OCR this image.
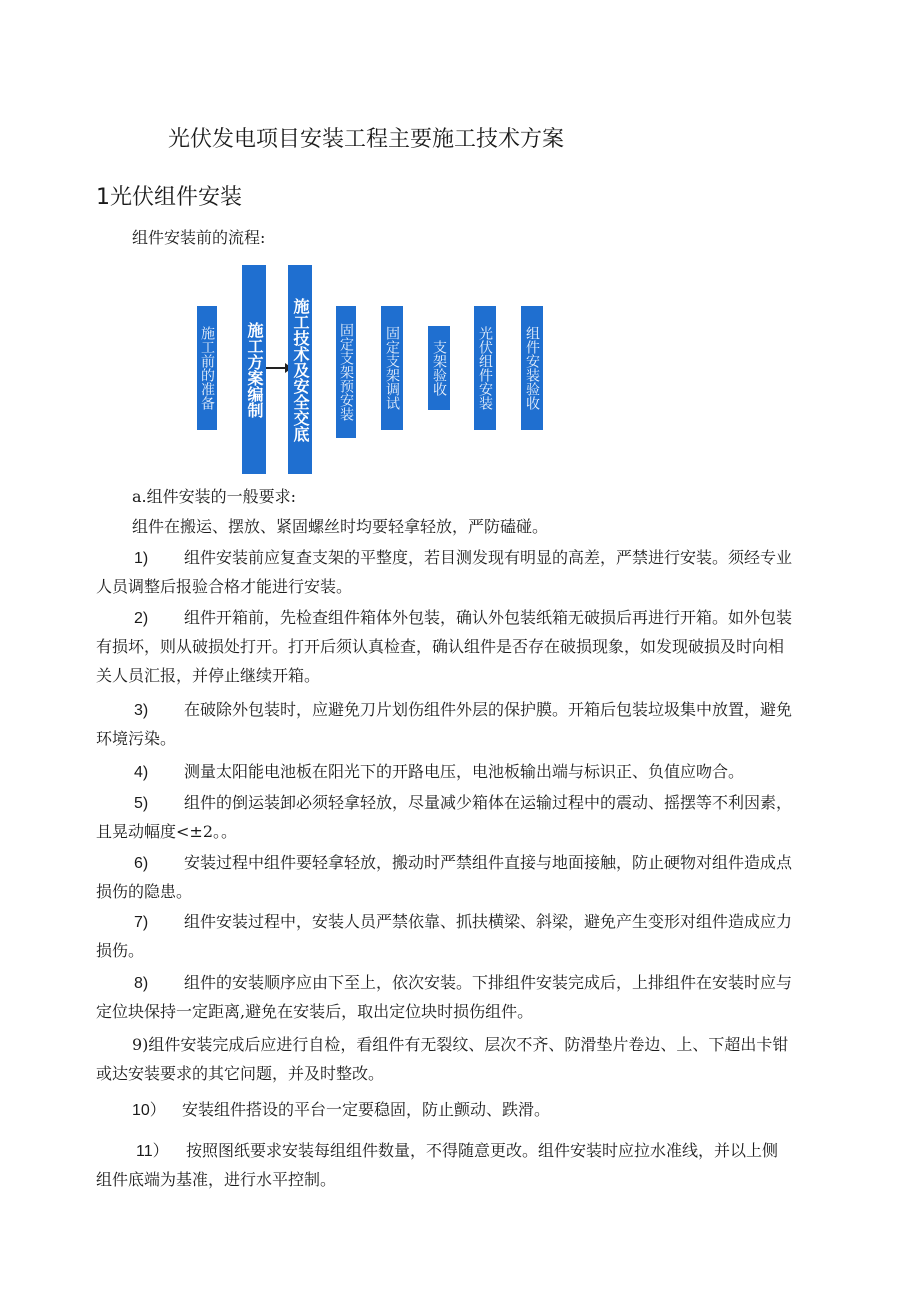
光伏发电项目安装工程主要施工技术方案
1光伏组件安装
组件安装前的流程:
施工前的准备 施工方案编制 施工技术及安全交底 固定支架预安装 固定支架调试 支架验收 光伏组件安装 组件安装验收
a.组件安装的一般要求:
组件在搬运、摆放、紧固螺丝时均要轻拿轻放，严防磕碰。
1) 组件安装前应复查支架的平整度，若目测发现有明显的高差，严禁进行安装。须经专业
人员调整后报验合格才能进行安装。
2) 组件开箱前，先检查组件箱体外包装，确认外包装纸箱无破损后再进行开箱。如外包装
有损坏，则从破损处打开。打开后须认真检查，确认组件是否存在破损现象，如发现破损及时向相
关人员汇报，并停止继续开箱。
3) 在破除外包装时，应避免刀片划伤组件外层的保护膜。开箱后包装垃圾集中放置，避免
环境污染。
4) 测量太阳能电池板在阳光下的开路电压，电池板输出端与标识正、负值应吻合。
5) 组件的倒运装卸必须轻拿轻放，尽量减少箱体在运输过程中的震动、摇摆等不利因素，
且晃动幅度<±2。。
6) 安装过程中组件要轻拿轻放，搬动时严禁组件直接与地面接触，防止硬物对组件造成点
损伤的隐患。
7) 组件安装过程中，安装人员严禁依靠、抓扶横梁、斜梁，避免产生变形对组件造成应力
损伤。
8) 组件的安装顺序应由下至上，依次安装。下排组件安装完成后，上排组件在安装时应与
定位块保持一定距离,避免在安装后，取出定位块时损伤组件。
9)组件安装完成后应进行自检，看组件有无裂纹、层次不齐、防滑垫片卷边、上、下超出卡钳
或达安装要求的其它问题，并及时整改。
10） 安装组件搭设的平台一定要稳固，防止颤动、跌滑。
11） 按照图纸要求安装每组组件数量，不得随意更改。组件安装时应拉水准线，并以上侧
组件底端为基准，进行水平控制。
